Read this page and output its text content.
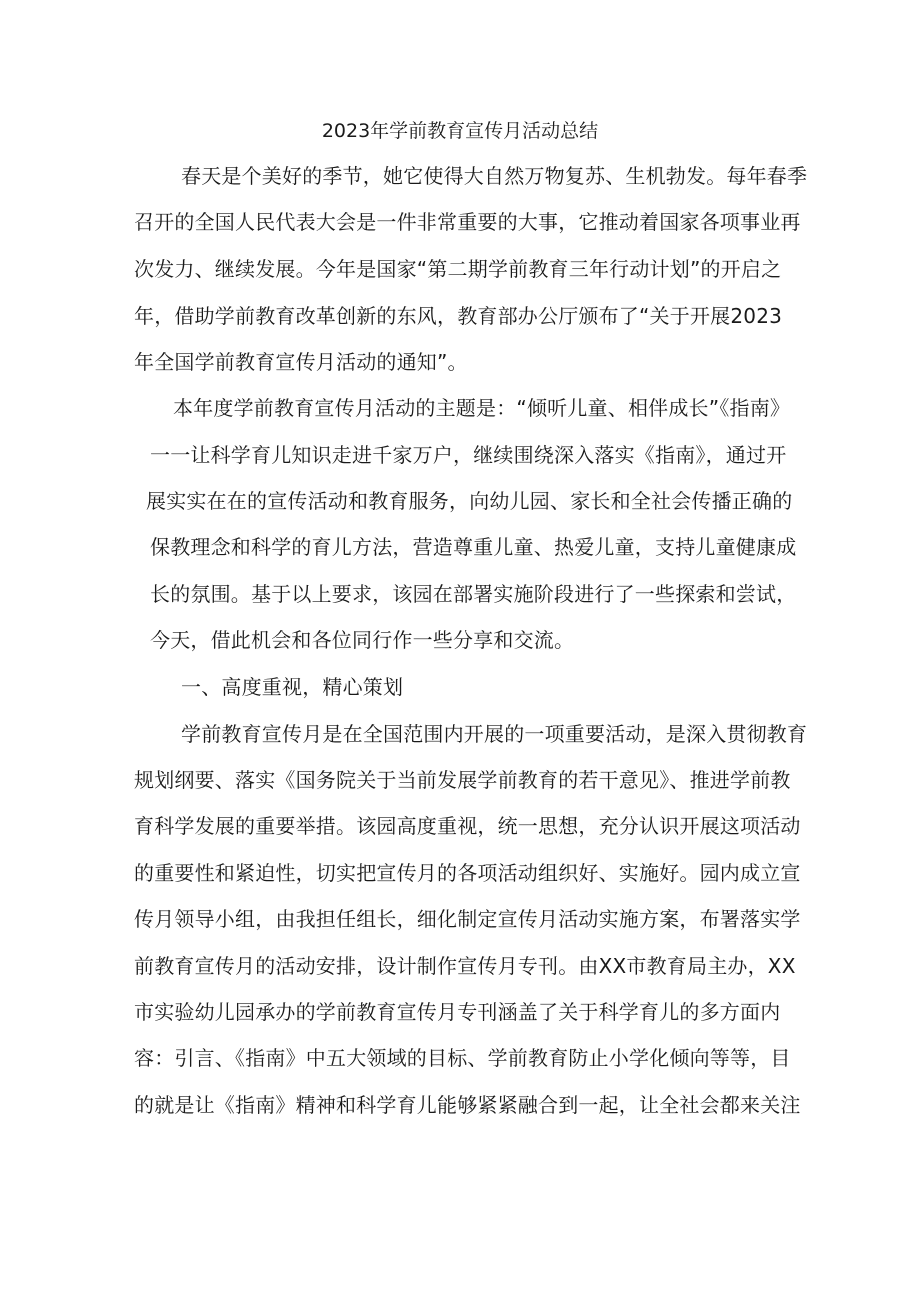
2023年学前教育宣传月活动总结
春天是个美好的季节，她它使得大自然万物复苏、生机勃发。每年春季
召开的全国人民代表大会是一件非常重要的大事，它推动着国家各项事业再
次发力、继续发展。今年是国家“第二期学前教育三年行动计划”的开启之
年，借助学前教育改革创新的东风，教育部办公厅颁布了“关于开展2023
年全国学前教育宣传月活动的通知”。
本年度学前教育宣传月活动的主题是：“倾听儿童、相伴成长”《指南》
一一让科学育儿知识走进千家万户，继续围绕深入落实《指南》，通过开
展实实在在的宣传活动和教育服务，向幼儿园、家长和全社会传播正确的
保教理念和科学的育儿方法，营造尊重儿童、热爱儿童，支持儿童健康成
长的氛围。基于以上要求，该园在部署实施阶段进行了一些探索和尝试，
今天，借此机会和各位同行作一些分享和交流。
一、高度重视，精心策划
学前教育宣传月是在全国范围内开展的一项重要活动，是深入贯彻教育
规划纲要、落实《国务院关于当前发展学前教育的若干意见》、推进学前教
育科学发展的重要举措。该园高度重视，统一思想，充分认识开展这项活动
的重要性和紧迫性，切实把宣传月的各项活动组织好、实施好。园内成立宣
传月领导小组，由我担任组长，细化制定宣传月活动实施方案，布署落实学
前教育宣传月的活动安排，设计制作宣传月专刊。由XX市教育局主办，XX
市实验幼儿园承办的学前教育宣传月专刊涵盖了关于科学育儿的多方面内
容：引言、《指南》中五大领域的目标、学前教育防止小学化倾向等等，目
的就是让《指南》精神和科学育儿能够紧紧融合到一起，让全社会都来关注
